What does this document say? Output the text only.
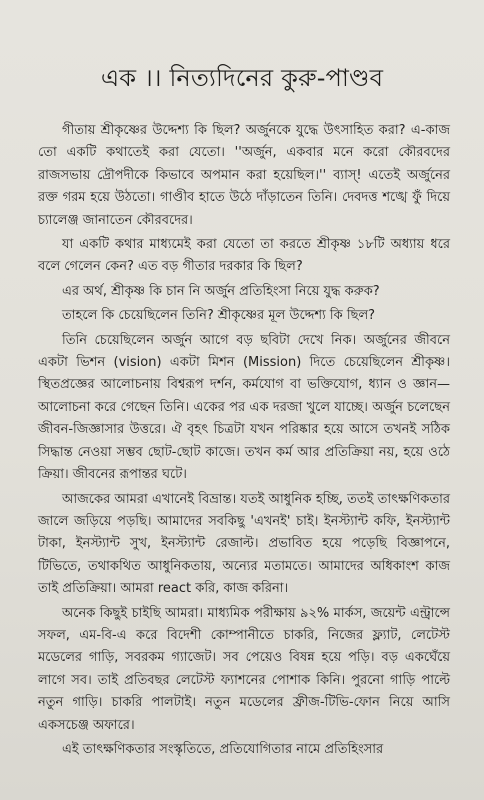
এক ।। নিত্যদিনের কুরু-পাণ্ডব

গীতায় শ্রীকৃষ্ণের উদ্দেশ্য কি ছিল? অর্জুনকে যুদ্ধে উৎসাহিত করা? এ-কাজ তো একটি কথাতেই করা যেতো। ''অর্জুন, একবার মনে করো কৌরবদের রাজসভায় দ্রৌপদীকে কিভাবে অপমান করা হয়েছিল।'' ব্যাস্! এতেই অর্জুনের রক্ত গরম হয়ে উঠতো। গাণ্ডীব হাতে উঠে দাঁড়াতেন তিনি। দেবদত্ত শঙ্খে ফুঁ দিয়ে চ্যালেঞ্জ জানাতেন কৌরবদের।

যা একটি কথার মাধ্যমেই করা যেতো তা করতে শ্রীকৃষ্ণ ১৮টি অধ্যায় ধরে বলে গেলেন কেন? এত বড় গীতার দরকার কি ছিল?

এর অর্থ, শ্রীকৃষ্ণ কি চান নি অর্জুন প্রতিহিংসা নিয়ে যুদ্ধ করুক?

তাহলে কি চেয়েছিলেন তিনি? শ্রীকৃষ্ণের মূল উদ্দেশ্য কি ছিল?

তিনি চেয়েছিলেন অর্জুন আগে বড় ছবিটা দেখে নিক। অর্জুনের জীবনে একটা ভিশন (vision) একটা মিশন (Mission) দিতে চেয়েছিলেন শ্রীকৃষ্ণ। স্থিতপ্রজ্ঞের আলোচনায় বিশ্বরূপ দর্শন, কর্মযোগ বা ভক্তিযোগ, ধ্যান ও জ্ঞান—আলোচনা করে গেছেন তিনি। একের পর এক দরজা খুলে যাচ্ছে। অর্জুন চলেছেন জীবন-জিজ্ঞাসার উত্তরে। ঐ বৃহৎ চিত্রটা যখন পরিষ্কার হয়ে আসে তখনই সঠিক সিদ্ধান্ত নেওয়া সম্ভব ছোট-ছোট কাজে। তখন কর্ম আর প্রতিক্রিয়া নয়, হয়ে ওঠে ক্রিয়া। জীবনের রূপান্তর ঘটে।

আজকের আমরা এখানেই বিভ্রান্ত। যতই আধুনিক হচ্ছি, ততই তাৎক্ষণিকতার জালে জড়িয়ে পড়ছি। আমাদের সবকিছু 'এখনই' চাই। ইনস্ট্যান্ট কফি, ইনস্ট্যান্ট টাকা, ইনস্ট্যান্ট সুখ, ইনস্ট্যান্ট রেজাল্ট। প্রভাবিত হয়ে পড়েছি বিজ্ঞাপনে, টিভিতে, তথাকথিত আধুনিকতায়, অন্যের মতামতে। আমাদের অধিকাংশ কাজ তাই প্রতিক্রিয়া। আমরা react করি, কাজ করিনা।

অনেক কিছুই চাইছি আমরা। মাধ্যমিক পরীক্ষায় ৯২% মার্কস, জয়েন্ট এন্ট্রান্সে সফল, এম-বি-এ করে বিদেশী কোম্পানীতে চাকরি, নিজের ফ্ল্যাট, লেটেস্ট মডেলের গাড়ি, সবরকম গ্যাজেট। সব পেয়েও বিষন্ন হয়ে পড়ি। বড় একঘেঁয়ে লাগে সব। তাই প্রতিবছর লেটেস্ট ফ্যাশনের পোশাক কিনি। পুরনো গাড়ি পাল্টে নতুন গাড়ি। চাকরি পালটাই। নতুন মডেলের ফ্রীজ-টিভি-ফোন নিয়ে আসি একসচেঞ্জ অফারে।

এই তাৎক্ষণিকতার সংস্কৃতিতে, প্রতিযোগিতার নামে প্রতিহিংসার
